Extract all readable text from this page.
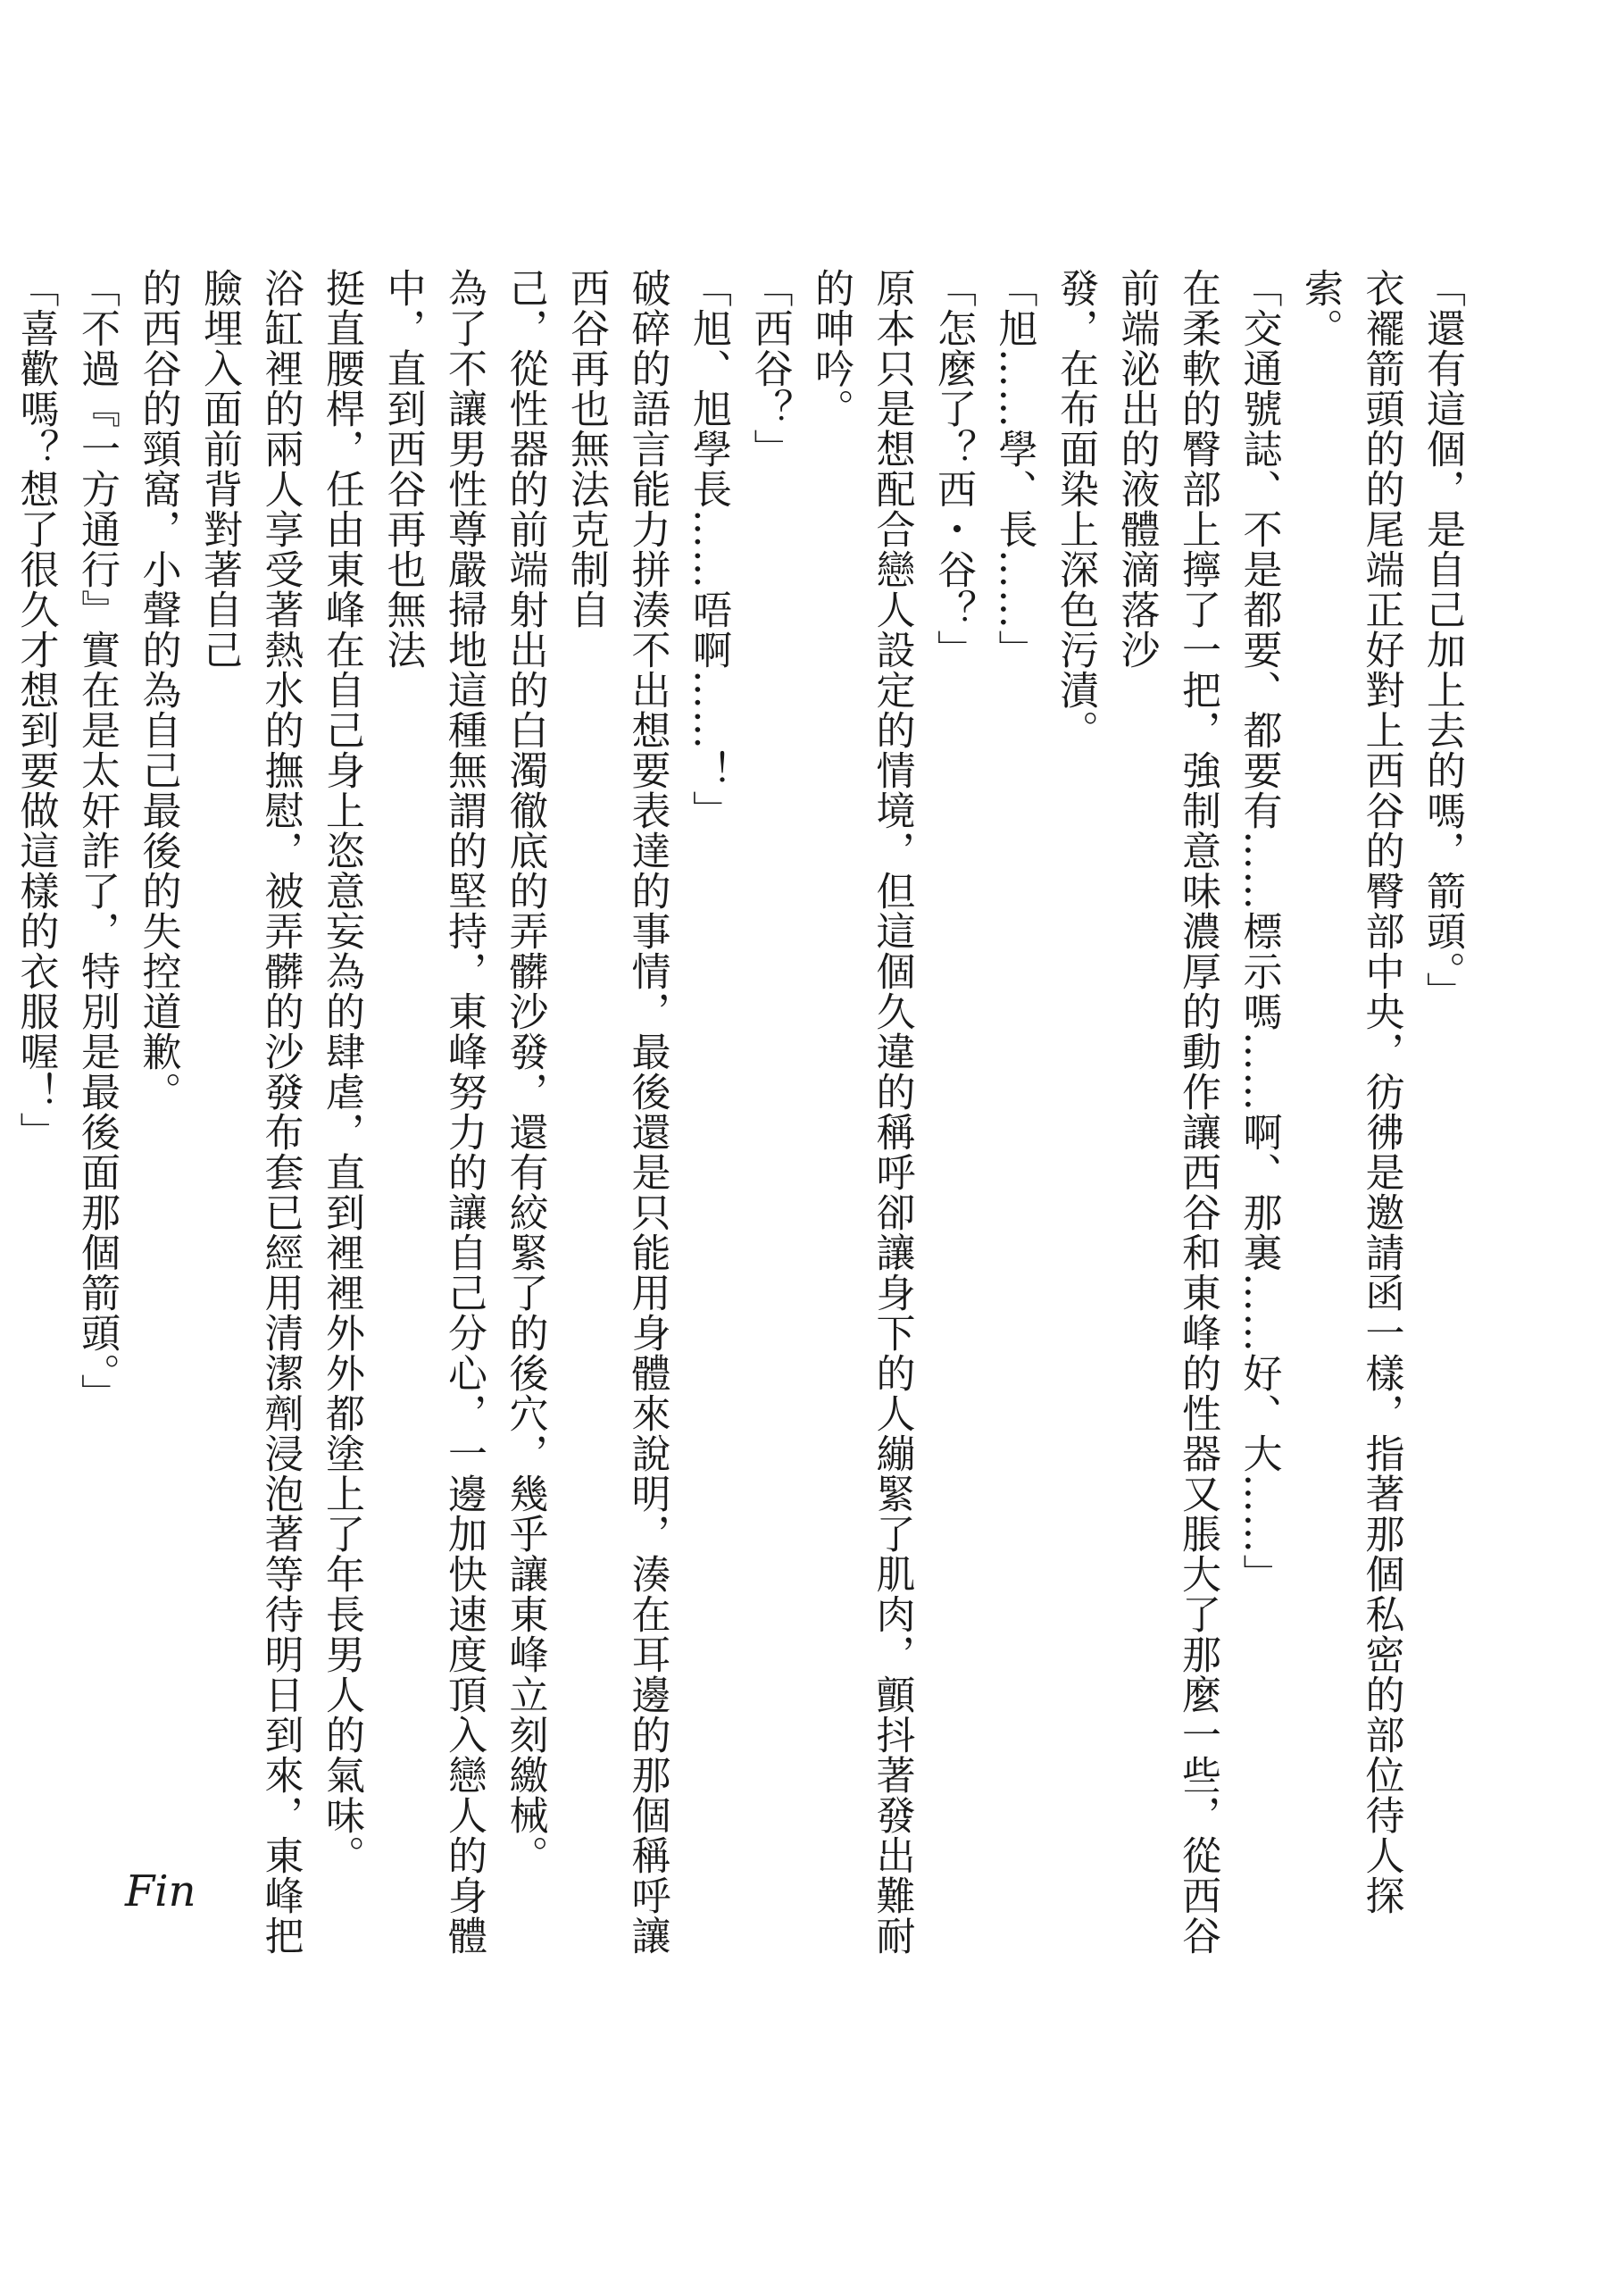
「還有這個，是自己加上去的嗎，箭頭。」

衣襬箭頭的的尾端正好對上西谷的臀部中央，彷彿是邀請函一樣，指著那個私密的部位待人探索。

「交通號誌、不是都要、都要有……標示嗎……啊、那裏……好、大……」

在柔軟的臀部上擰了一把，強制意味濃厚的動作讓西谷和東峰的性器又脹大了那麼一些，從西谷前端泌出的液體滴落沙

發，在布面染上深色污漬。

「旭……學、長……」

「怎麼了？西・谷？」

原本只是想配合戀人設定的情境，但這個久違的稱呼卻讓身下的人繃緊了肌肉，顫抖著發出難耐的呻吟。

「西谷？」

「旭、旭學長……唔啊……！」

破碎的語言能力拼湊不出想要表達的事情，最後還是只能用身體來說明，湊在耳邊的那個稱呼讓西谷再也無法克制自

己，從性器的前端射出的白濁徹底的弄髒沙發，還有絞緊了的後穴，幾乎讓東峰立刻繳械。

為了不讓男性尊嚴掃地這種無謂的堅持，東峰努力的讓自己分心，一邊加快速度頂入戀人的身體中，直到西谷再也無法

挺直腰桿，任由東峰在自己身上恣意妄為的肆虐，直到裡裡外外都塗上了年長男人的氣味。

浴缸裡的兩人享受著熱水的撫慰，被弄髒的沙發布套已經用清潔劑浸泡著等待明日到來，東峰把臉埋入面前背對著自己

的西谷的頸窩，小聲的為自己最後的失控道歉。

「不過『一方通行』實在是太奸詐了，特別是最後面那個箭頭。」

「喜歡嗎？想了很久才想到要做這樣的衣服喔！」

Fin
